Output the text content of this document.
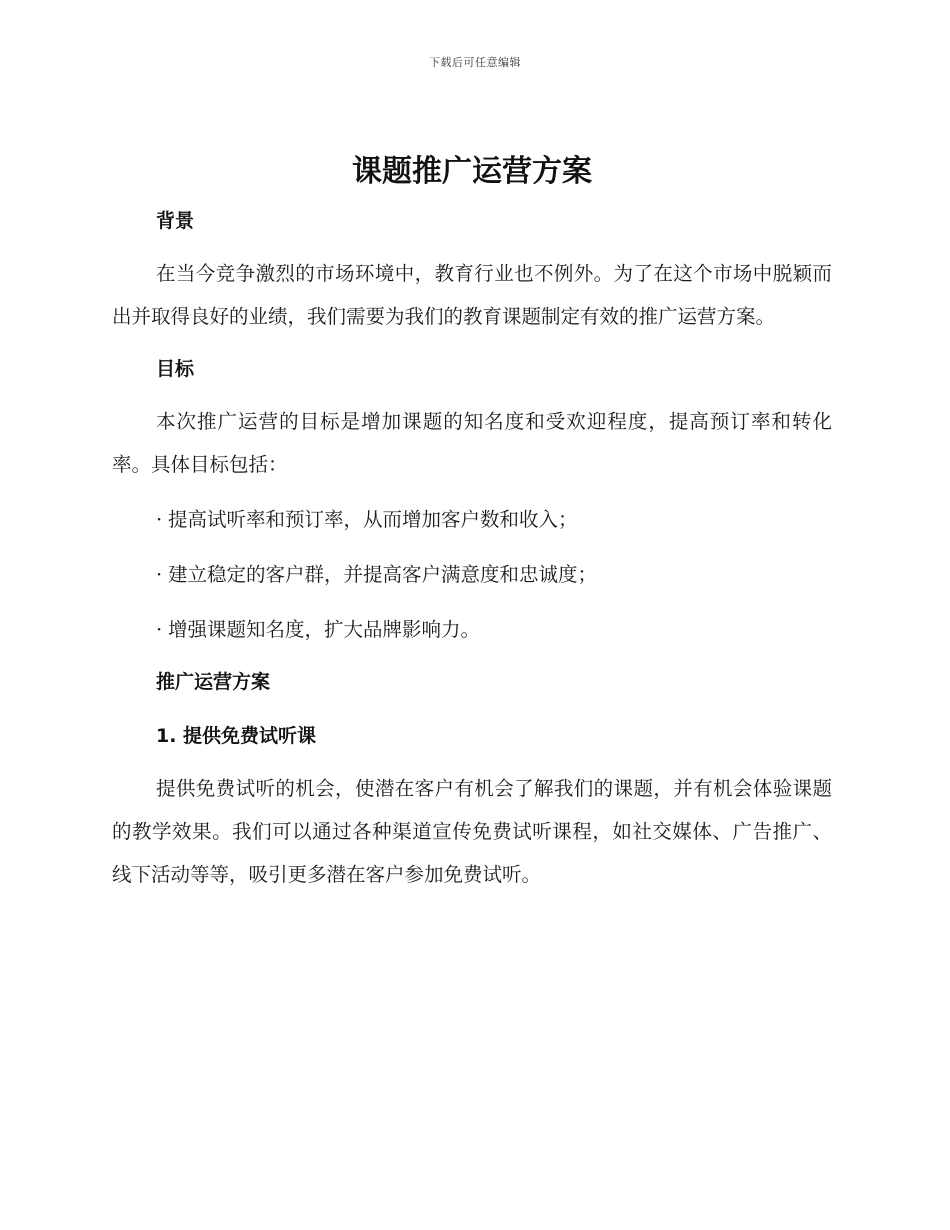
下载后可任意编辑
课题推广运营方案
背景

在当今竞争激烈的市场环境中，教育行业也不例外。为了在这个市场中脱颖而出并取得良好的业绩，我们需要为我们的教育课题制定有效的推广运营方案。

目标

本次推广运营的目标是增加课题的知名度和受欢迎程度，提高预订率和转化率。具体目标包括：

· 提高试听率和预订率，从而增加客户数和收入；
· 建立稳定的客户群，并提高客户满意度和忠诚度；
· 增强课题知名度，扩大品牌影响力。
推广运营方案
1. 提供免费试听课

提供免费试听的机会，使潜在客户有机会了解我们的课题，并有机会体验课题的教学效果。我们可以通过各种渠道宣传免费试听课程，如社交媒体、广告推广、线下活动等等，吸引更多潜在客户参加免费试听。
